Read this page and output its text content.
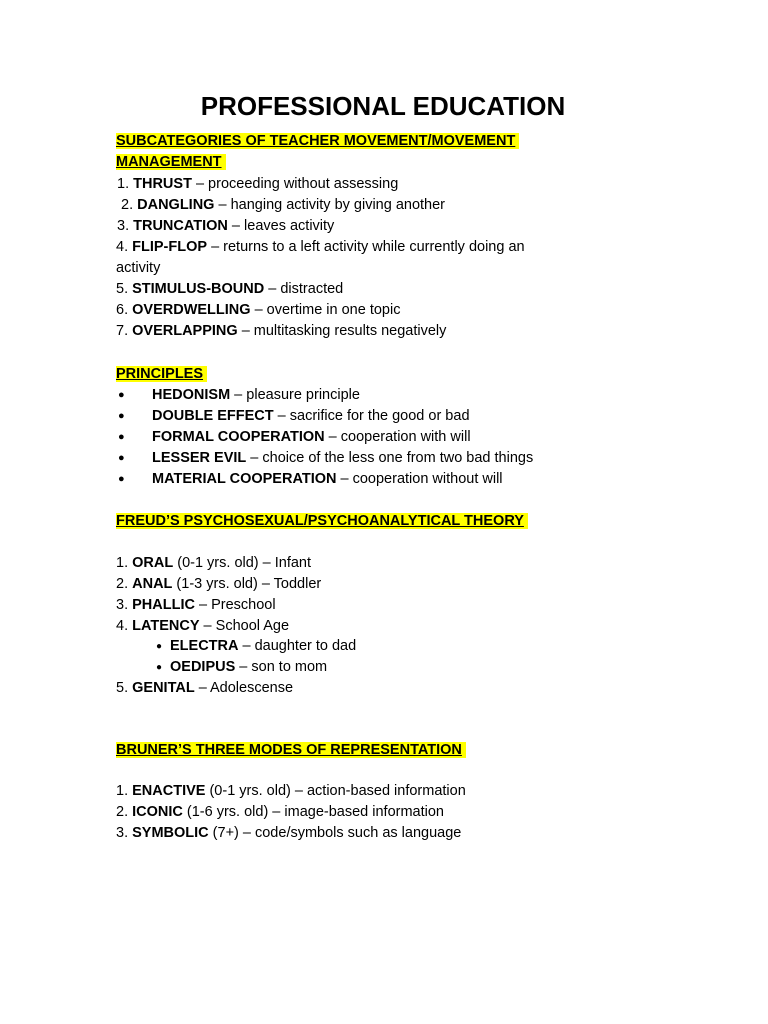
PROFESSIONAL EDUCATION
SUBCATEGORIES OF TEACHER MOVEMENT/MOVEMENT
MANAGEMENT
1. THRUST – proceeding without assessing
2. DANGLING – hanging activity by giving another
3. TRUNCATION – leaves activity
4. FLIP-FLOP – returns to a left activity while currently doing an
activity
5. STIMULUS-BOUND – distracted
6. OVERDWELLING – overtime in one topic
7. OVERLAPPING – multitasking results negatively
PRINCIPLES
● HEDONISM – pleasure principle
● DOUBLE EFFECT – sacrifice for the good or bad
● FORMAL COOPERATION – cooperation with will
● LESSER EVIL – choice of the less one from two bad things
● MATERIAL COOPERATION – cooperation without will
FREUD’S PSYCHOSEXUAL/PSYCHOANALYTICAL THEORY
1. ORAL (0-1 yrs. old) – Infant
2. ANAL (1-3 yrs. old) – Toddler
3. PHALLIC – Preschool
4. LATENCY – School Age
● ELECTRA – daughter to dad
● OEDIPUS – son to mom
5. GENITAL – Adolescense
BRUNER’S THREE MODES OF REPRESENTATION
1. ENACTIVE (0-1 yrs. old) – action-based information
2. ICONIC (1-6 yrs. old) – image-based information
3. SYMBOLIC (7+) – code/symbols such as language
